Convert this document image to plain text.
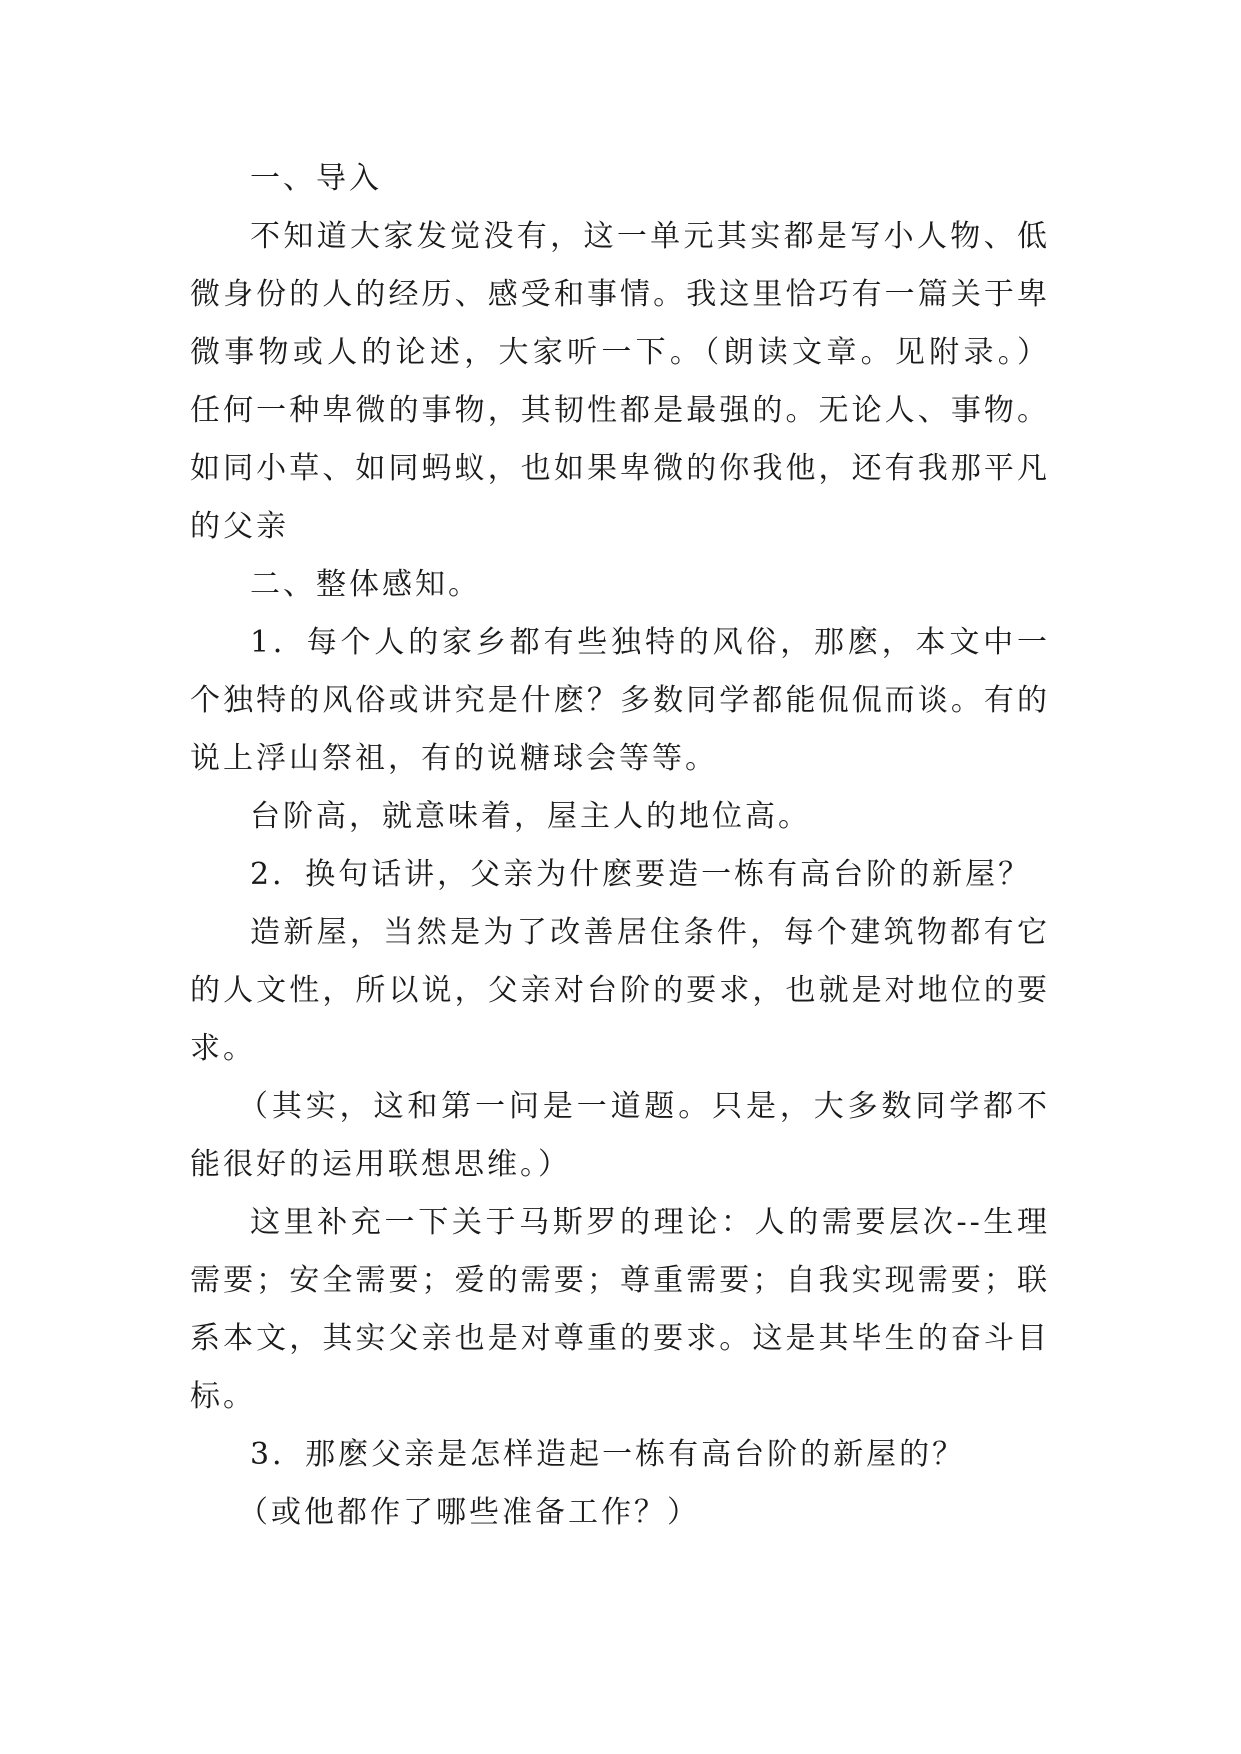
一、导入

不知道大家发觉没有，这一单元其实都是写小人物、低微身份的人的经历、感受和事情。我这里恰巧有一篇关于卑微事物或人的论述，大家听一下。（朗读文章。见附录。）任何一种卑微的事物，其韧性都是最强的。无论人、事物。如同小草、如同蚂蚁，也如果卑微的你我他，还有我那平凡的父亲

二、整体感知。

1．每个人的家乡都有些独特的风俗，那麽，本文中一个独特的风俗或讲究是什麽？多数同学都能侃侃而谈。有的说上浮山祭祖，有的说糖球会等等。

台阶高，就意味着，屋主人的地位高。

2．换句话讲，父亲为什麽要造一栋有高台阶的新屋？

造新屋，当然是为了改善居住条件，每个建筑物都有它的人文性，所以说，父亲对台阶的要求，也就是对地位的要求。

（其实，这和第一问是一道题。只是，大多数同学都不能很好的运用联想思维。）

这里补充一下关于马斯罗的理论：人的需要层次--生理需要；安全需要；爱的需要；尊重需要；自我实现需要；联系本文，其实父亲也是对尊重的要求。这是其毕生的奋斗目标。

3．那麽父亲是怎样造起一栋有高台阶的新屋的？

（或他都作了哪些准备工作？）
